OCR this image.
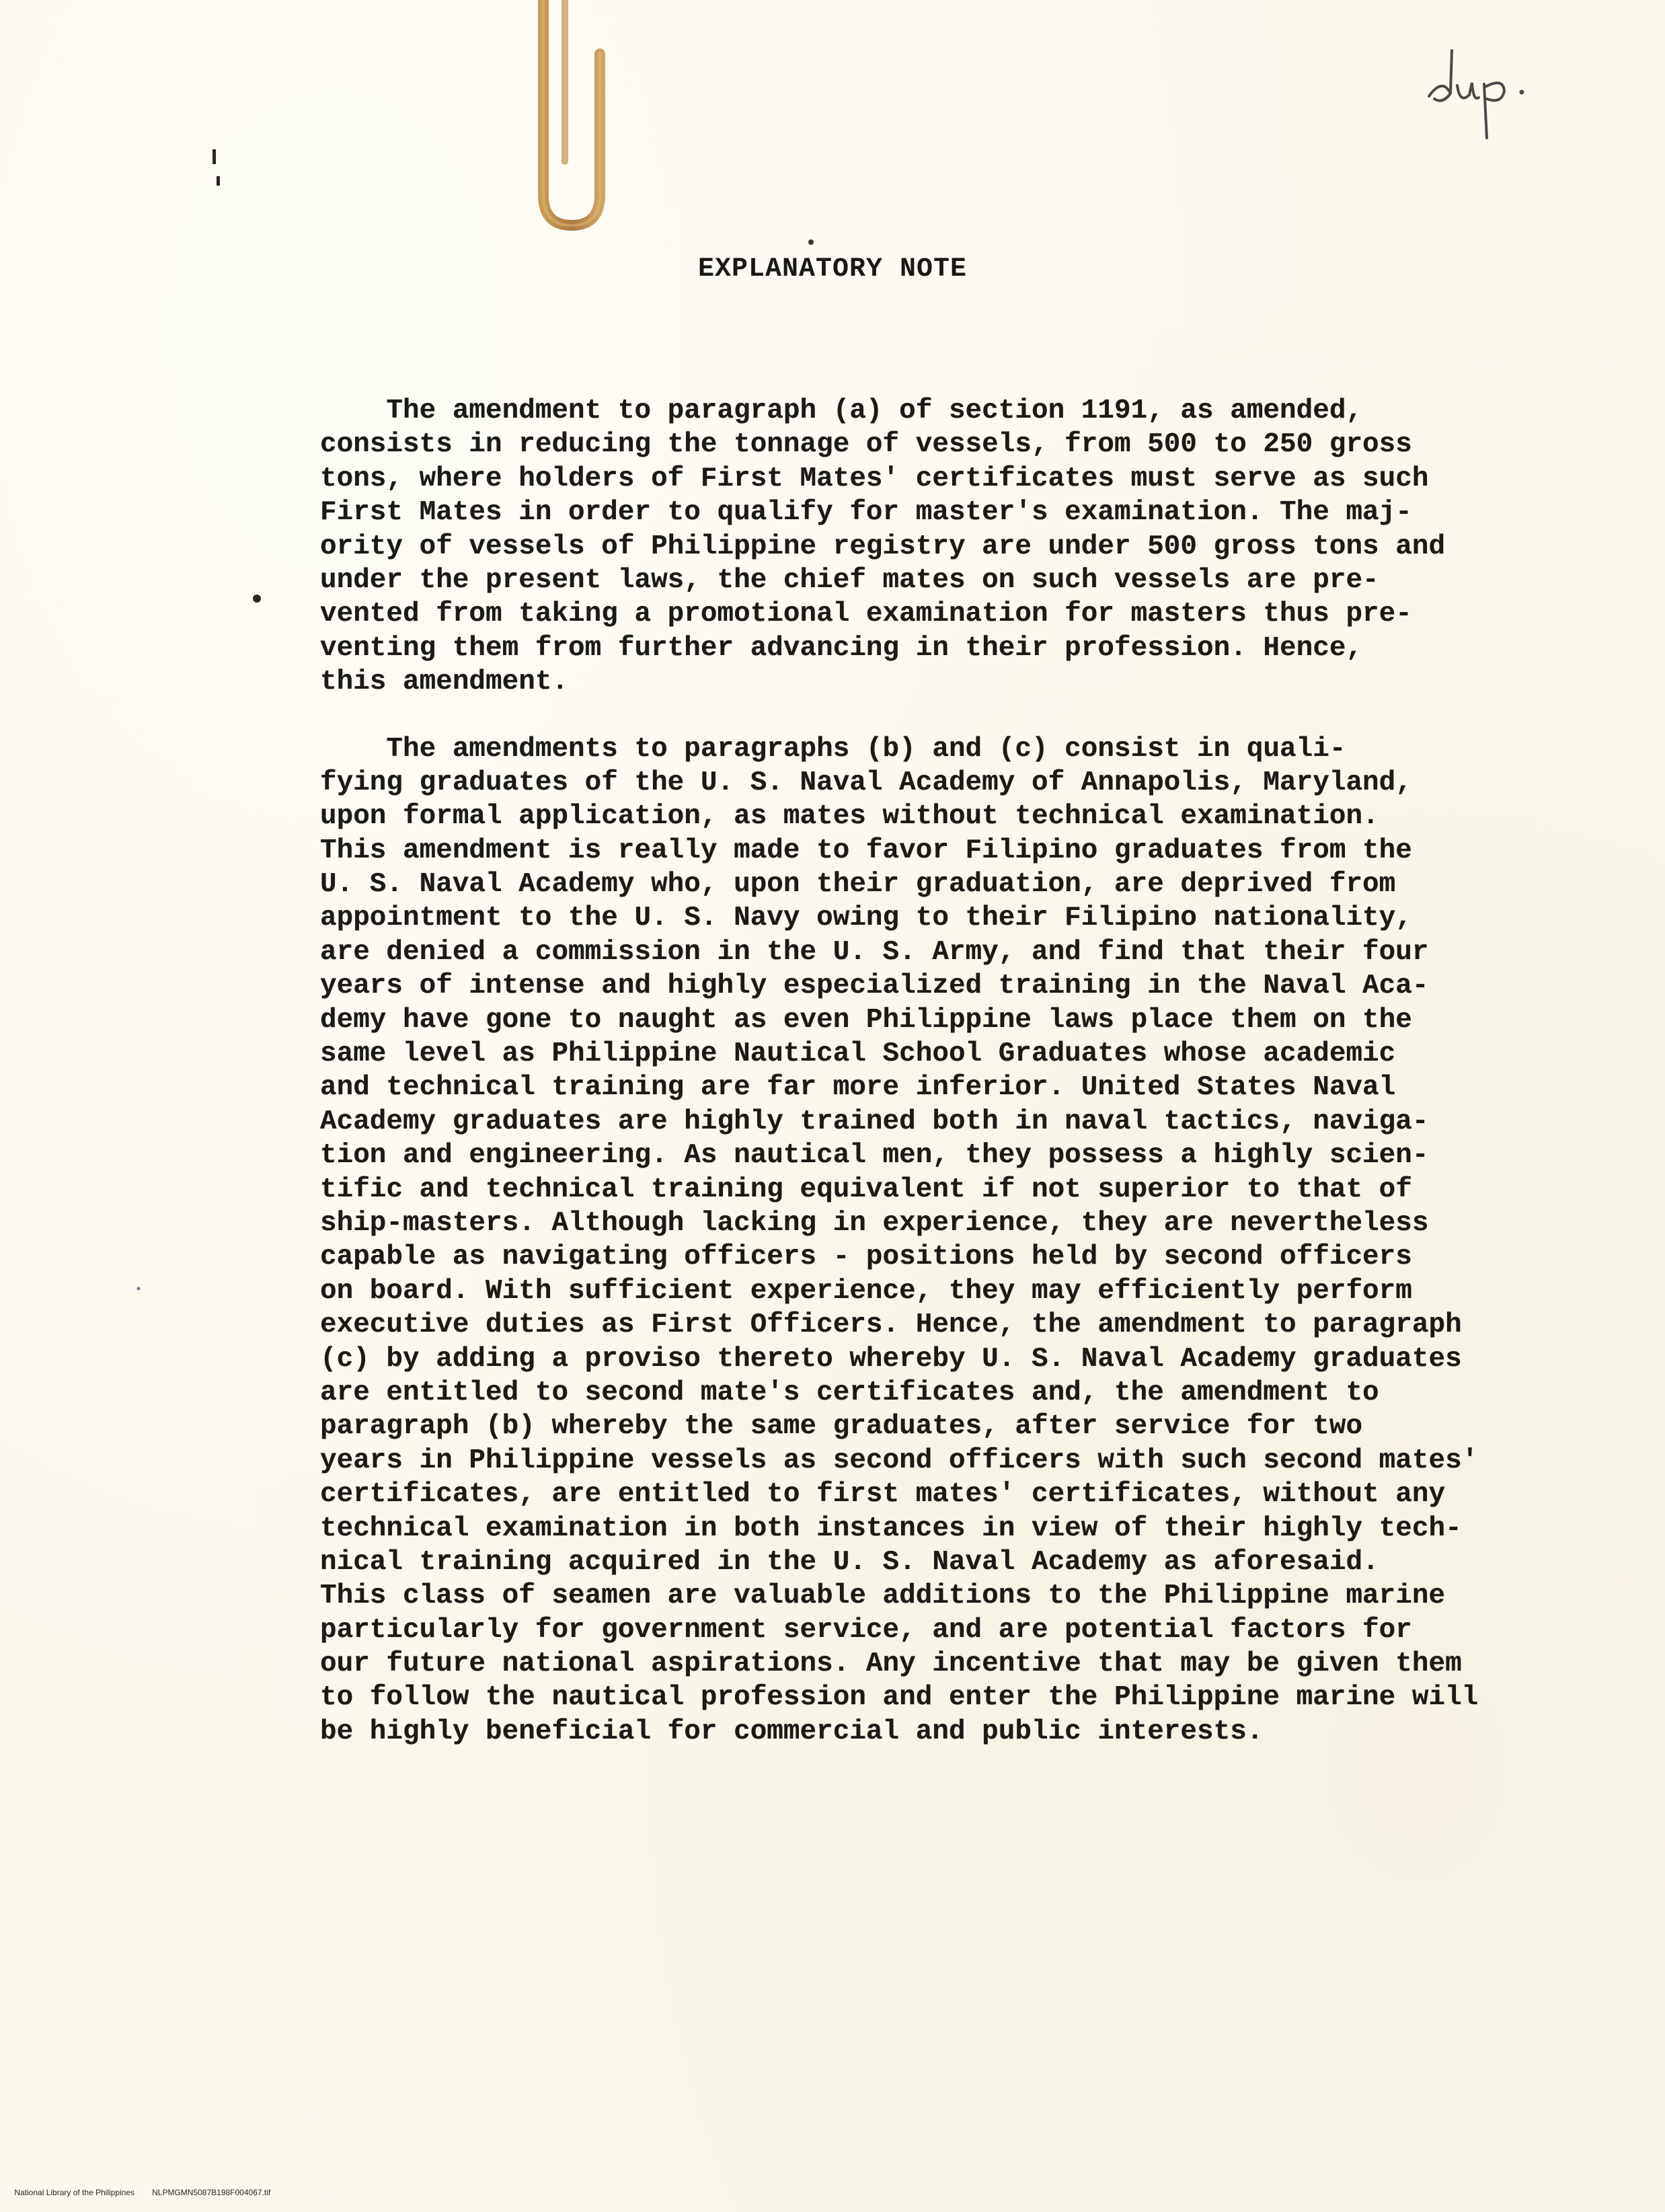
EXPLANATORY NOTE
The amendment to paragraph (a) of section 1191, as amended,
consists in reducing the tonnage of vessels, from 500 to 250 gross
tons, where holders of First Mates' certificates must serve as such
First Mates in order to qualify for master's examination. The maj-
ority of vessels of Philippine registry are under 500 gross tons and
under the present laws, the chief mates on such vessels are pre-
vented from taking a promotional examination for masters thus pre-
venting them from further advancing in their profession. Hence,
this amendment.
The amendments to paragraphs (b) and (c) consist in quali-
fying graduates of the U. S. Naval Academy of Annapolis, Maryland,
upon formal application, as mates without technical examination.
This amendment is really made to favor Filipino graduates from the
U. S. Naval Academy who, upon their graduation, are deprived from
appointment to the U. S. Navy owing to their Filipino nationality,
are denied a commission in the U. S. Army, and find that their four
years of intense and highly especialized training in the Naval Aca-
demy have gone to naught as even Philippine laws place them on the
same level as Philippine Nautical School Graduates whose academic
and technical training are far more inferior. United States Naval
Academy graduates are highly trained both in naval tactics, naviga-
tion and engineering. As nautical men, they possess a highly scien-
tific and technical training equivalent if not superior to that of
ship-masters. Although lacking in experience, they are nevertheless
capable as navigating officers - positions held by second officers
on board. With sufficient experience, they may efficiently perform
executive duties as First Officers. Hence, the amendment to paragraph
(c) by adding a proviso thereto whereby U. S. Naval Academy graduates
are entitled to second mate's certificates and, the amendment to
paragraph (b) whereby the same graduates, after service for two
years in Philippine vessels as second officers with such second mates'
certificates, are entitled to first mates' certificates, without any
technical examination in both instances in view of their highly tech-
nical training acquired in the U. S. Naval Academy as aforesaid.
This class of seamen are valuable additions to the Philippine marine
particularly for government service, and are potential factors for
our future national aspirations. Any incentive that may be given them
to follow the nautical profession and enter the Philippine marine will
be highly beneficial for commercial and public interests.

National Library of the Philippines NLPMGMN5087B198F004067.tif
